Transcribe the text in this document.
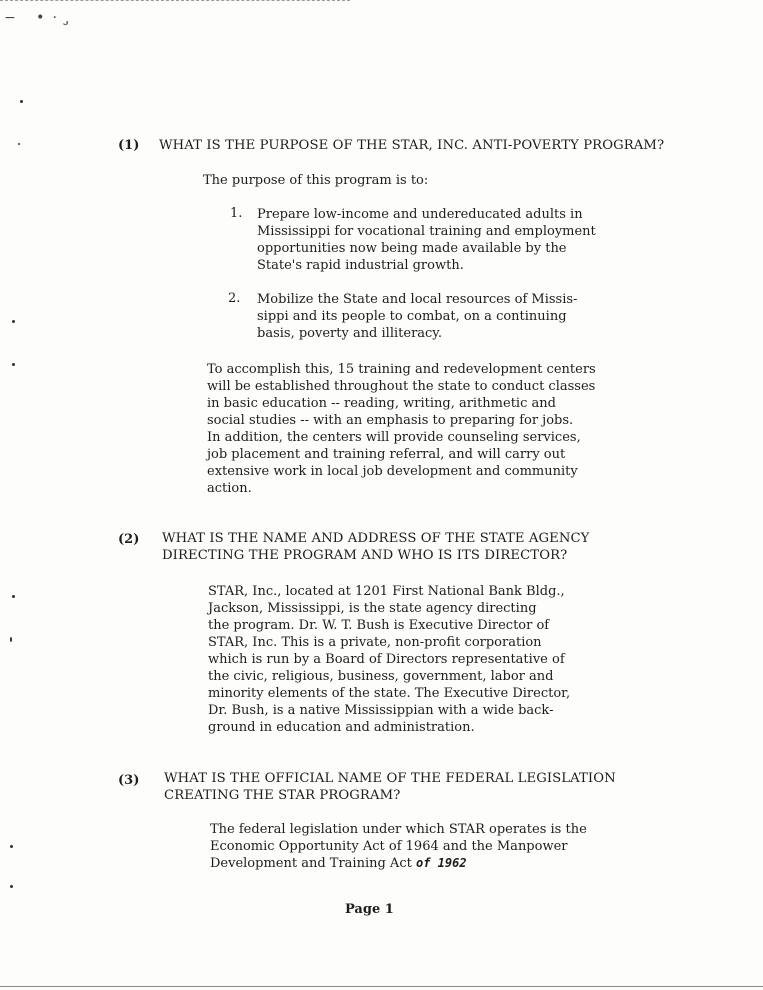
− •· ̡
(1) WHAT IS THE PURPOSE OF THE STAR, INC. ANTI-POVERTY PROGRAM?
The purpose of this program is to:
1. Prepare low-income and undereducated adults in
Mississippi for vocational training and employment
opportunities now being made available by the
State's rapid industrial growth.
2. Mobilize the State and local resources of Missis-
sippi and its people to combat, on a continuing
basis, poverty and illiteracy.
To accomplish this, 15 training and redevelopment centers
will be established throughout the state to conduct classes
in basic education -- reading, writing, arithmetic and
social studies -- with an emphasis to preparing for jobs.
In addition, the centers will provide counseling services,
job placement and training referral, and will carry out
extensive work in local job development and community
action.
(2) WHAT IS THE NAME AND ADDRESS OF THE STATE AGENCY
DIRECTING THE PROGRAM AND WHO IS ITS DIRECTOR?
STAR, Inc., located at 1201 First National Bank Bldg.,
Jackson, Mississippi, is the state agency directing
the program. Dr. W. T. Bush is Executive Director of
STAR, Inc. This is a private, non-profit corporation
which is run by a Board of Directors representative of
the civic, religious, business, government, labor and
minority elements of the state. The Executive Director,
Dr. Bush, is a native Mississippian with a wide back-
ground in education and administration.
(3) WHAT IS THE OFFICIAL NAME OF THE FEDERAL LEGISLATION
CREATING THE STAR PROGRAM?
The federal legislation under which STAR operates is the
Economic Opportunity Act of 1964 and the Manpower
Development and Training Act of 1962
Page 1
